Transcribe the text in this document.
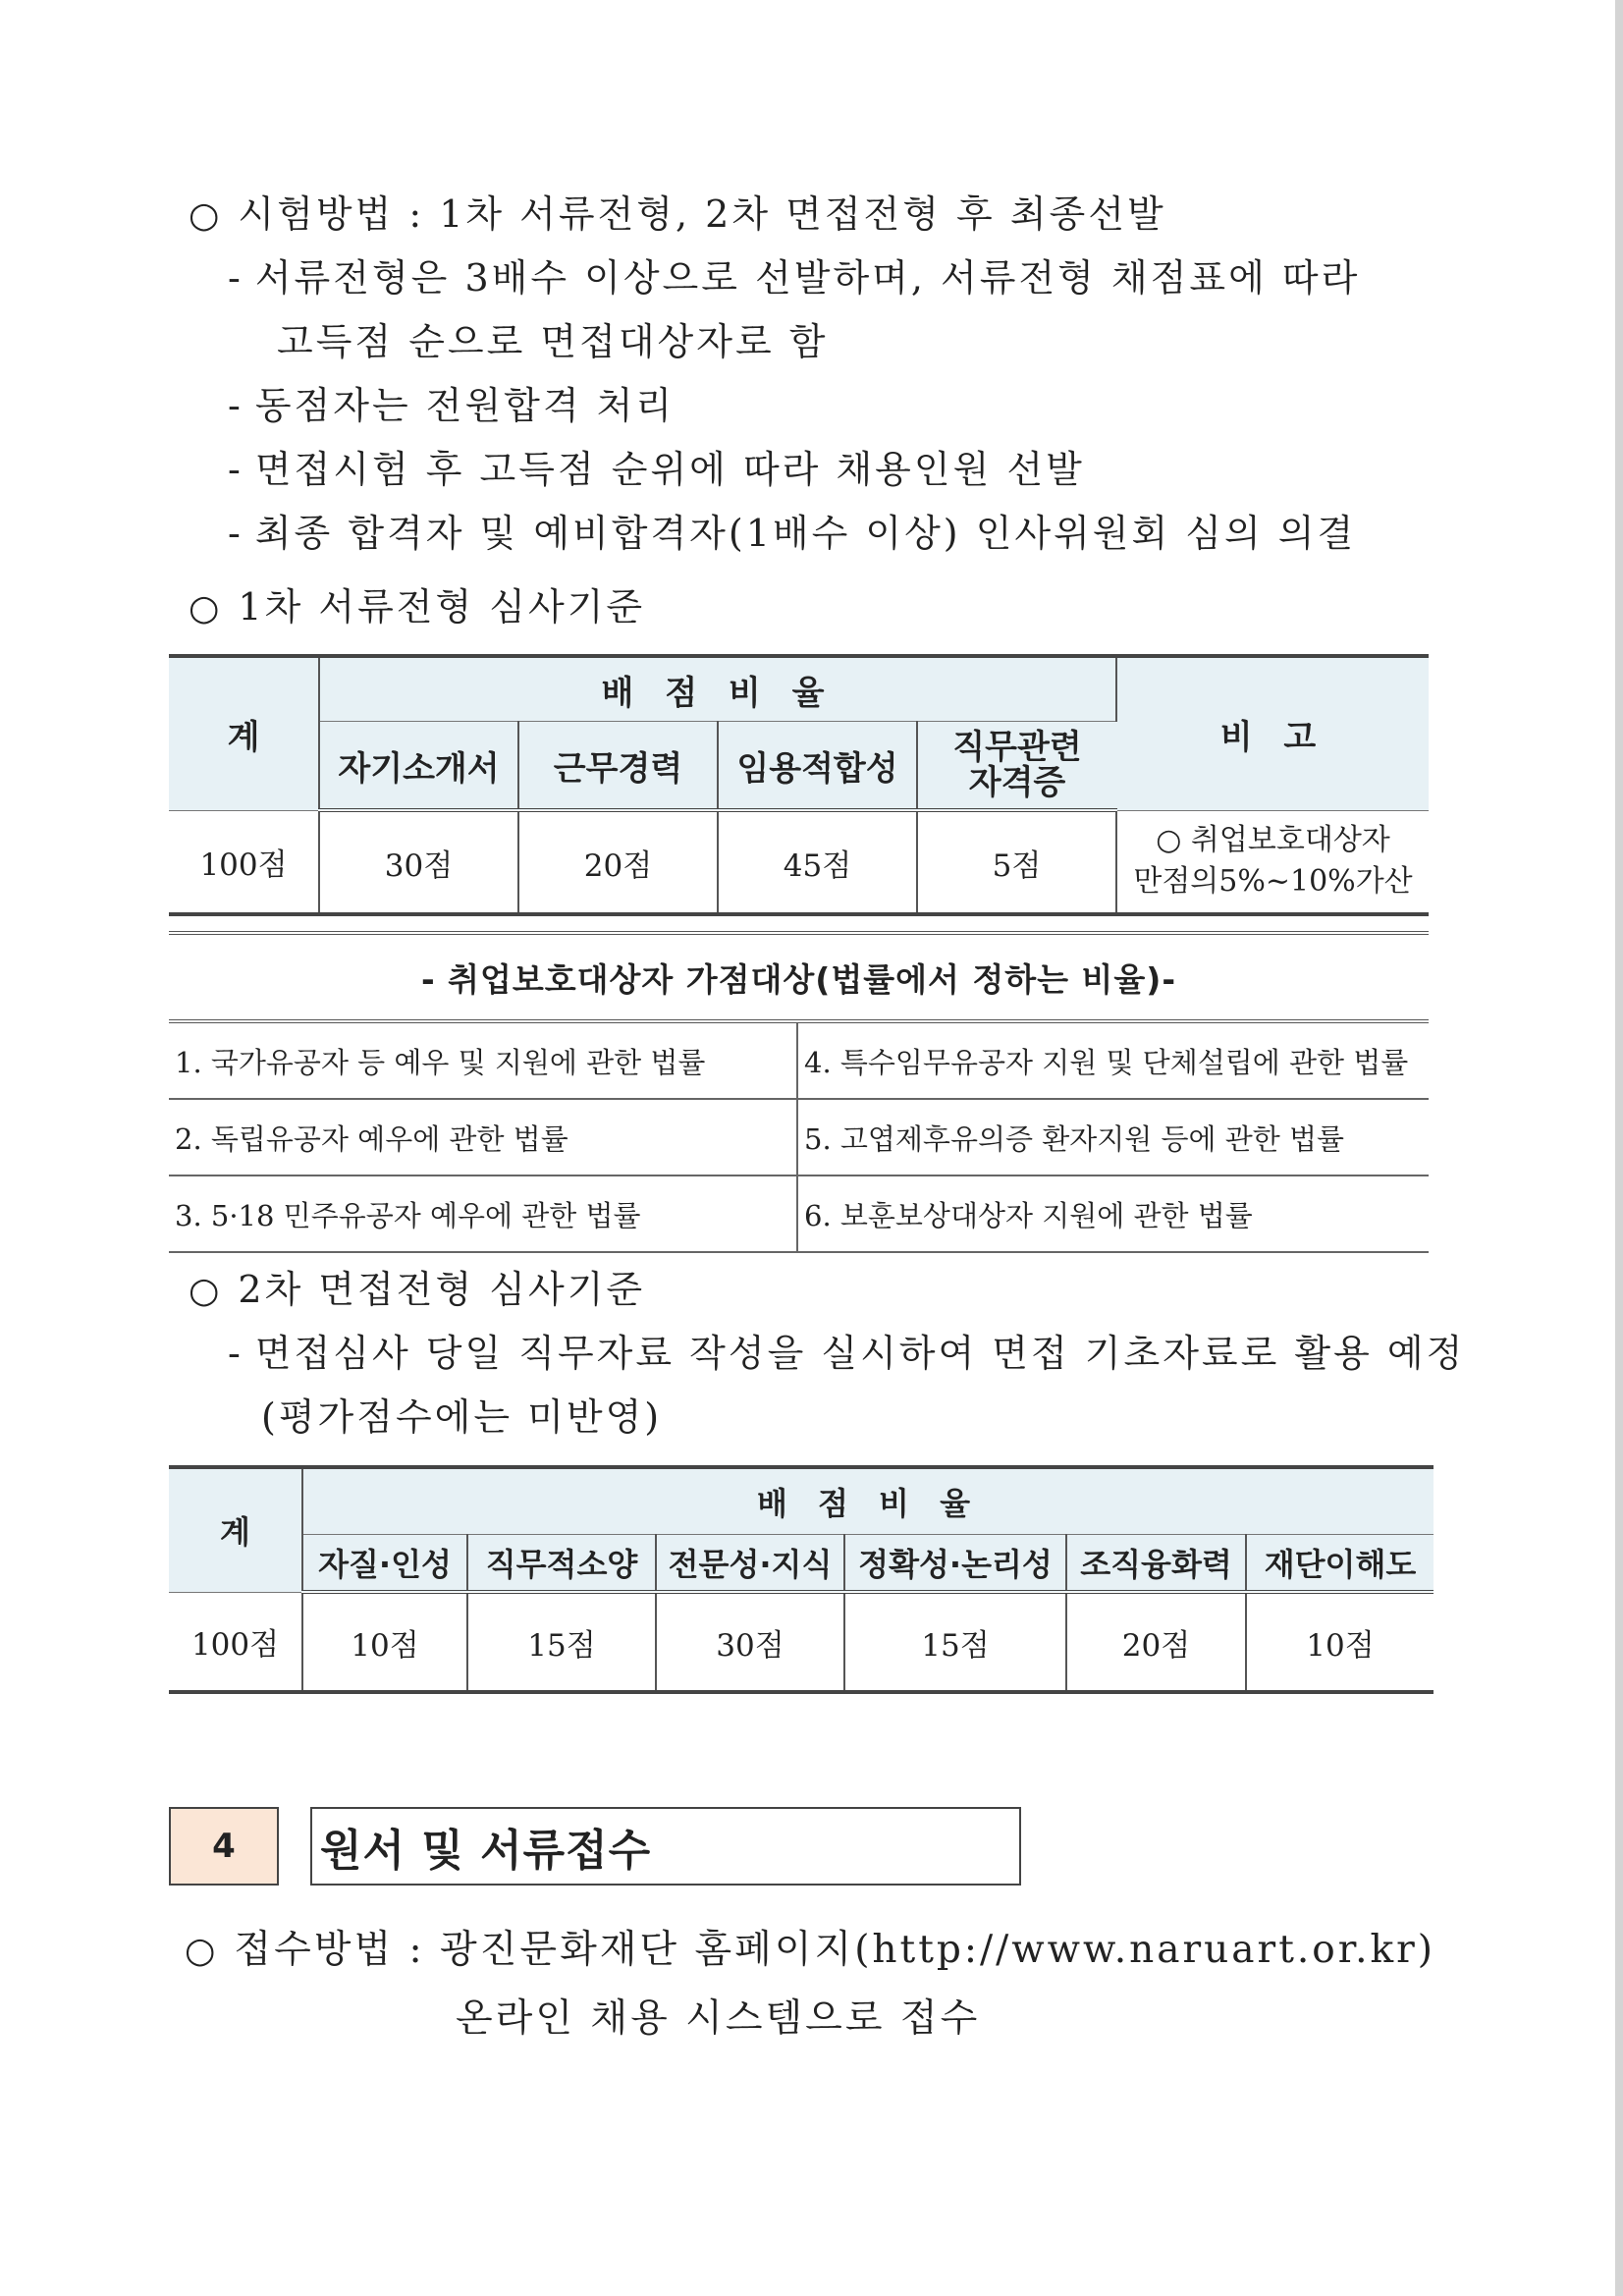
○ 시험방법 : 1차 서류전형, 2차 면접전형 후 최종선발
- 서류전형은 3배수 이상으로 선발하며, 서류전형 채점표에 따라
고득점 순으로 면접대상자로 함
- 동점자는 전원합격 처리
- 면접시험 후 고득점 순위에 따라 채용인원 선발
- 최종 합격자 및 예비합격자(1배수 이상) 인사위원회 심의 의결
○ 1차 서류전형 심사기준
계	배 점 비 율				비 고
	자기소개서	근무경력	임용적합성	직무관련 자격증	
100점	30점	20점	45점	5점	○ 취업보호대상자
만점의5%~10%가산
- 취업보호대상자 가점대상(법률에서 정하는 비율)-	
1. 국가유공자 등 예우 및 지원에 관한 법률	4. 특수임무유공자 지원 및 단체설립에 관한 법률
2. 독립유공자 예우에 관한 법률	5. 고엽제후유의증 환자지원 등에 관한 법률
3. 5·18 민주유공자 예우에 관한 법률	6. 보훈보상대상자 지원에 관한 법률
○ 2차 면접전형 심사기준
- 면접심사 당일 직무자료 작성을 실시하여 면접 기초자료로 활용 예정
(평가점수에는 미반영)
계	배 점 비 율					
	자질·인성	직무적소양	전문성·지식	정확성·논리성	조직융화력	재단이해도
100점	10점	15점	30점	15점	20점	10점
4	원서 및 서류접수
○ 접수방법 : 광진문화재단 홈페이지(http://www.naruart.or.kr)
온라인 채용 시스템으로 접수
